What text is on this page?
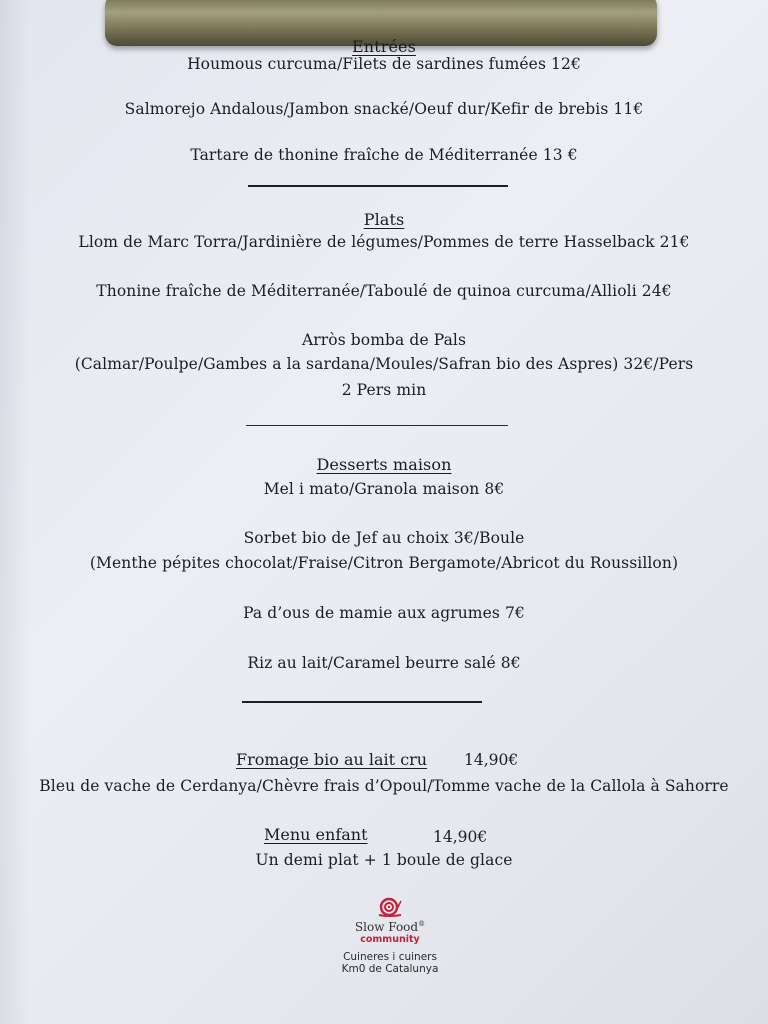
Entrées
Houmous curcuma/Filets de sardines fumées 12€
Salmorejo Andalous/Jambon snacké/Oeuf dur/Kefir de brebis 11€
Tartare de thonine fraîche de Méditerranée 13 €
Plats
Llom de Marc Torra/Jardinière de légumes/Pommes de terre Hasselback 21€
Thonine fraîche de Méditerranée/Taboulé de quinoa curcuma/Allioli 24€
Arròs bomba de Pals
(Calmar/Poulpe/Gambes a la sardana/Moules/Safran bio des Aspres) 32€/Pers
2 Pers min
Desserts maison
Mel i mato/Granola maison 8€
Sorbet bio de Jef au choix 3€/Boule
(Menthe pépites chocolat/Fraise/Citron Bergamote/Abricot du Roussillon)
Pa d’ous de mamie aux agrumes 7€
Riz au lait/Caramel beurre salé 8€
Fromage bio au lait cru 14,90€
Bleu de vache de Cerdanya/Chèvre frais d’Opoul/Tomme vache de la Callola à Sahorre
Menu enfant	14,90€
Un demi plat + 1 boule de glace
Slow Food®
community
Cuineres i cuiners
Km0 de Catalunya
